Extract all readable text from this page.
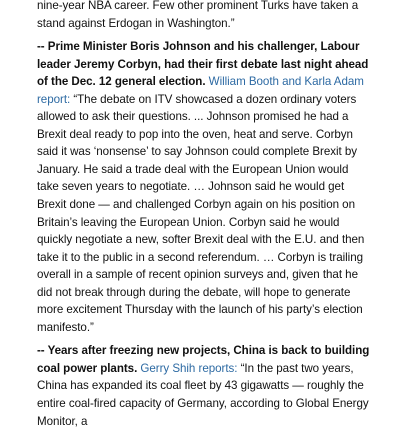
nine-year NBA career. Few other prominent Turks have taken a stand against Erdogan in Washington.”

-- Prime Minister Boris Johnson and his challenger, Labour leader Jeremy Corbyn, had their first debate last night ahead of the Dec. 12 general election. William Booth and Karla Adam report: “The debate on ITV showcased a dozen ordinary voters allowed to ask their questions. ... Johnson promised he had a Brexit deal ready to pop into the oven, heat and serve. Corbyn said it was ‘nonsense’ to say Johnson could complete Brexit by January. He said a trade deal with the European Union would take seven years to negotiate. … Johnson said he would get Brexit done — and challenged Corbyn again on his position on Britain’s leaving the European Union. Corbyn said he would quickly negotiate a new, softer Brexit deal with the E.U. and then take it to the public in a second referendum. … Corbyn is trailing overall in a sample of recent opinion surveys and, given that he did not break through during the debate, will hope to generate more excitement Thursday with the launch of his party’s election manifesto.”

-- Years after freezing new projects, China is back to building coal power plants. Gerry Shih reports: “In the past two years, China has expanded its coal fleet by 43 gigawatts — roughly the entire coal-fired capacity of Germany, according to Global Energy Monitor, a
